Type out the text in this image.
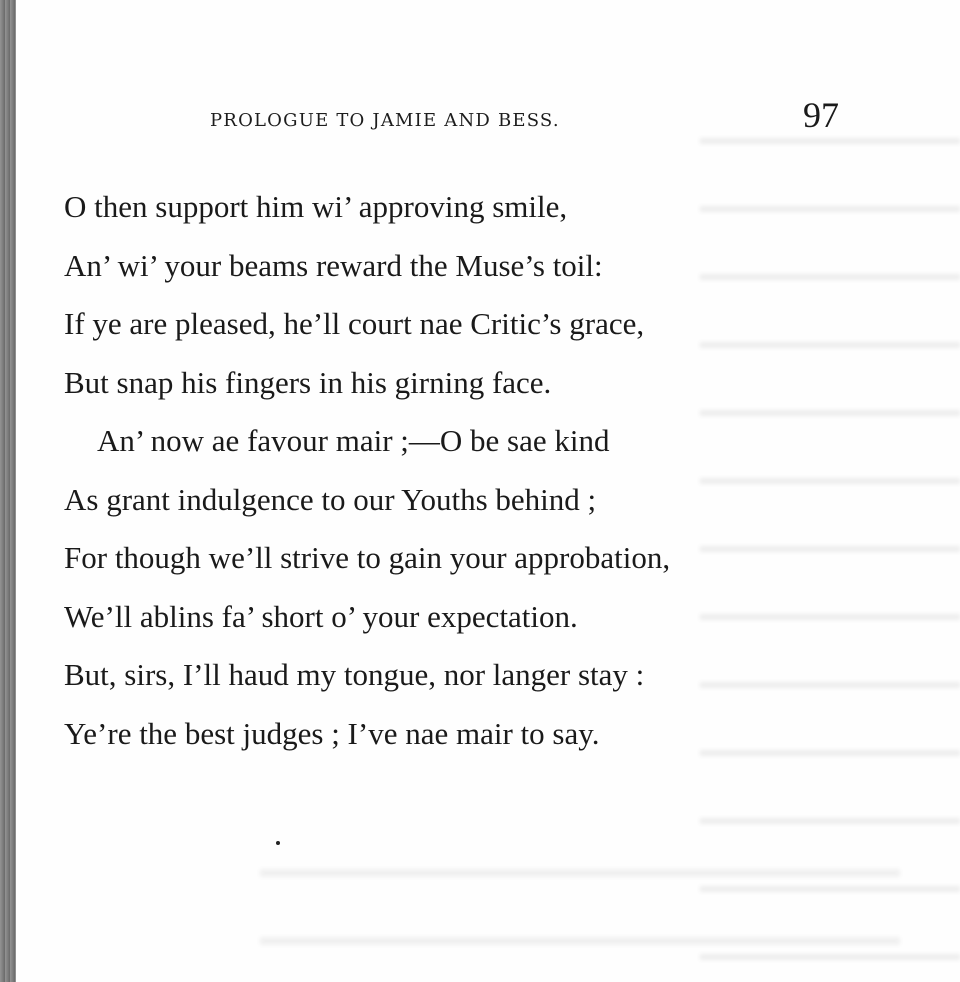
PROLOGUE TO JAMIE AND BESS.	97
O then support him wi’ approving smile,
An’ wi’ your beams reward the Muse’s toil:
If ye are pleased, he’ll court nae Critic’s grace,
But snap his fingers in his girning face.
An’ now ae favour mair ;—O be sae kind
As grant indulgence to our Youths behind ;
For though we’ll strive to gain your approbation,
We’ll ablins fa’ short o’ your expectation.
But, sirs, I’ll haud my tongue, nor langer stay :
Ye’re the best judges ; I’ve nae mair to say.
